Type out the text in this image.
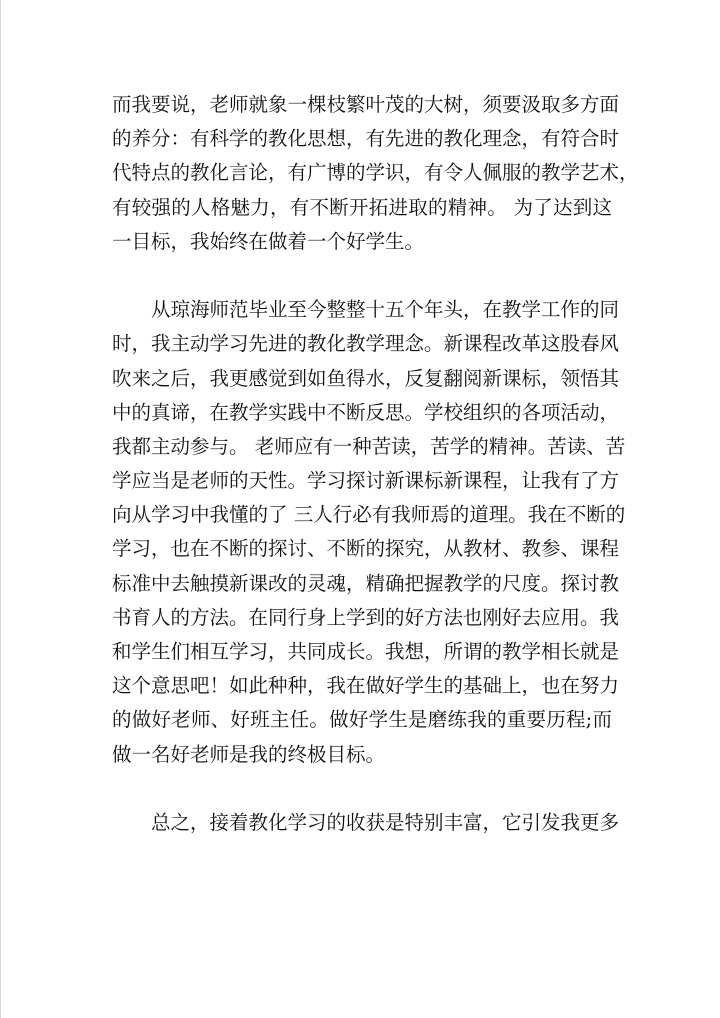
而我要说，老师就象一棵枝繁叶茂的大树，须要汲取多方面
的养分：有科学的教化思想，有先进的教化理念，有符合时
代特点的教化言论，有广博的学识，有令人佩服的教学艺术，
有较强的人格魅力，有不断开拓进取的精神。 为了达到这
一目标，我始终在做着一个好学生。
从琼海师范毕业至今整整十五个年头，在教学工作的同
时，我主动学习先进的教化教学理念。新课程改革这股春风
吹来之后，我更感觉到如鱼得水，反复翻阅新课标，领悟其
中的真谛，在教学实践中不断反思。学校组织的各项活动，
我都主动参与。 老师应有一种苦读，苦学的精神。苦读、苦
学应当是老师的天性。学习探讨新课标新课程，让我有了方
向从学习中我懂的了 三人行必有我师焉的道理。我在不断的
学习，也在不断的探讨、不断的探究，从教材、教参、课程
标准中去触摸新课改的灵魂，精确把握教学的尺度。探讨教
书育人的方法。在同行身上学到的好方法也刚好去应用。我
和学生们相互学习，共同成长。我想，所谓的教学相长就是
这个意思吧！如此种种，我在做好学生的基础上，也在努力
的做好老师、好班主任。做好学生是磨练我的重要历程;而
做一名好老师是我的终极目标。
总之，接着教化学习的收获是特别丰富，它引发我更多
